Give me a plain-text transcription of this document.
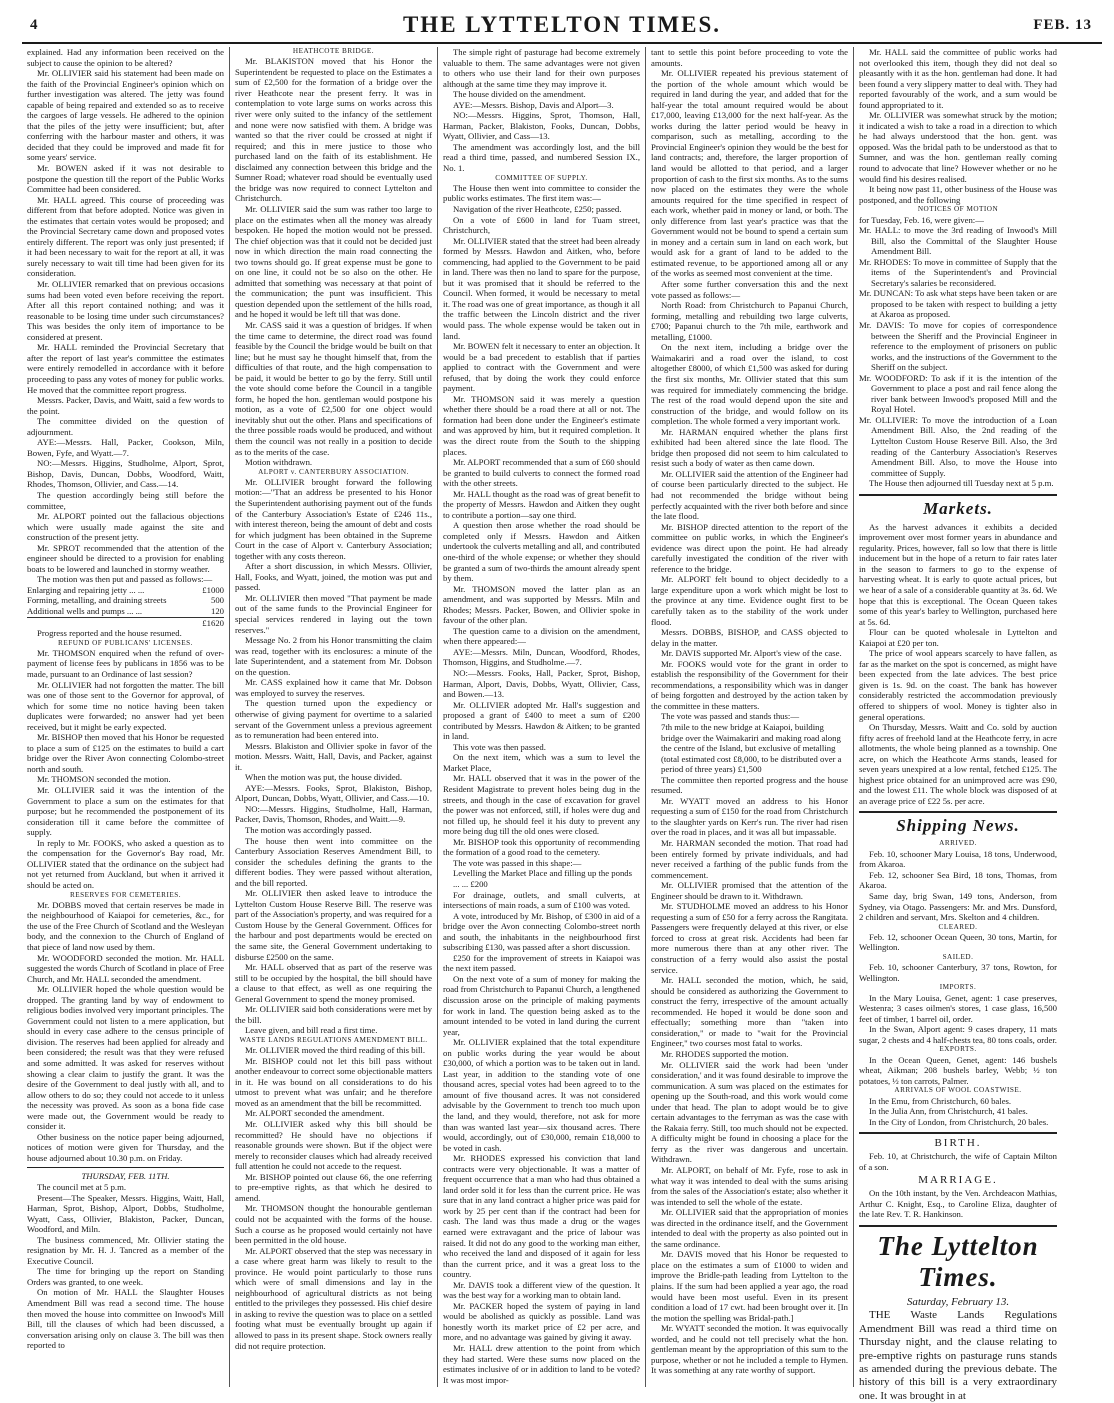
4	THE LYTTELTON TIMES.	FEB. 13

explained. Had any information been received on the subject to cause the opinion to be altered?

Mr. OLLIVIER said his statement had been made on the faith of the Provincial Engineer's opinion which on further investigation was altered. The jetty was found capable of being repaired and extended so as to receive the cargoes of large vessels. He adhered to the opinion that the piles of the jetty were insufficient; but, after conferring with the harbour master and others, it was decided that they could be improved and made fit for some years' service.

Mr. BOWEN asked if it was not desirable to postpone the question till the report of the Public Works Committee had been considered.

Mr. HALL agreed. This course of proceeding was different from that before adopted. Notice was given in the estimates that certain votes would be proposed; and the Provincial Secretary came down and proposed votes entirely different. The report was only just presented; if it had been necessary to wait for the report at all, it was surely necessary to wait till time had been given for its consideration.

Mr. OLLIVIER remarked that on previous occasions sums had been voted even before receiving the report. After all this report contained nothing; and was it reasonable to be losing time under such circumstances? This was besides the only item of importance to be considered at present.

Mr. HALL reminded the Provincial Secretary that after the report of last year's committee the estimates were entirely remodelled in accordance with it before proceeding to pass any votes of money for public works. He moved that the committee report progress.

Messrs. Packer, Davis, and Waitt, said a few words to the point.

The committee divided on the question of adjournment.

AYE:—Messrs. Hall, Packer, Cookson, Miln, Bowen, Fyfe, and Wyatt.—7.

NO:—Messrs. Higgins, Studholme, Alport, Sprot, Bishop, Davis, Duncan, Dobbs, Woodford, Waitt, Rhodes, Thomson, Ollivier, and Cass.—14.

The question accordingly being still before the committee,

Mr. ALPORT pointed out the fallacious objections which were usually made against the site and construction of the present jetty.

Mr. SPROT recommended that the attention of the engineer should be directed to a provision for enabling boats to be lowered and launched in stormy weather.

The motion was then put and passed as follows:—

Enlarging and repairing jetty ... ...	£1000
Forming, metalling, and draining streets	500
Additional wells and pumps ... ...	120
	£1620

Progress reported and the house resumed.

REFUND OF PUBLICANS' LICENSES.

Mr. THOMSON enquired when the refund of over-payment of license fees by publicans in 1856 was to be made, pursuant to an Ordinance of last session?

Mr. OLLIVIER had not forgotten the matter. The bill was one of those sent to the Governor for approval, of which for some time no notice having been taken duplicates were forwarded; no answer had yet been received, but it might be early expected.

Mr. BISHOP then moved that his Honor be requested to place a sum of £125 on the estimates to build a cart bridge over the River Avon connecting Colombo-street north and south.

Mr. THOMSON seconded the motion.

Mr. OLLIVIER said it was the intention of the Government to place a sum on the estimates for that purpose; but he recommended the postponement of its consideration till it came before the committee of supply.

In reply to Mr. FOOKS, who asked a question as to the compensation for the Governor's Bay road, Mr. OLLIVIER stated that the ordinance on the subject had not yet returned from Auckland, but when it arrived it should be acted on.

RESERVES FOR CEMETERIES.

Mr. DOBBS moved that certain reserves be made in the neighbourhood of Kaiapoi for cemeteries, &c., for the use of the Free Church of Scotland and the Wesleyan body, and the connexion to the Church of England of that piece of land now used by them.

Mr. WOODFORD seconded the motion. Mr. HALL suggested the words Church of Scotland in place of Free Church, and Mr. HALL seconded the amendment.

Mr. OLLIVIER hoped the whole question would be dropped. The granting land by way of endowment to religious bodies involved very important principles. The Government could not listen to a mere application, but should in every case adhere to the census principle of division. The reserves had been applied for already and been considered; the result was that they were refused and some admitted. It was asked for reserves without showing a clear claim to justify the grant. It was the desire of the Government to deal justly with all, and to allow others to do so; they could not accede to it unless the necessity was proved. As soon as a bona fide case were made out, the Government would be ready to consider it.

Other business on the notice paper being adjourned, notices of motion were given for Thursday, and the house adjourned about 10.30 p.m. on Friday.

THURSDAY, FEB. 11TH.

The council met at 5 p.m.

Present—The Speaker, Messrs. Higgins, Waitt, Hall, Harman, Sprot, Bishop, Alport, Dobbs, Studholme, Wyatt, Cass, Ollivier, Blakiston, Packer, Duncan, Woodford, and Miln.

The business commenced, Mr. Ollivier stating the resignation by Mr. H. J. Tancred as a member of the Executive Council.

The time for bringing up the report on Standing Orders was granted, to one week.

On motion of Mr. HALL the Slaughter Houses Amendment Bill was read a second time. The house then moved the house into committee on Inwood's Mill Bill, till the clauses of which had been discussed, a conversation arising only on clause 3. The bill was then reported to

HEATHCOTE BRIDGE.

Mr. BLAKISTON moved that his Honor the Superintendent be requested to place on the Estimates a sum of £2,500 for the formation of a bridge over the river Heathcote near the present ferry. It was in contemplation to vote large sums on works across this river were only suited to the infancy of the settlement and none were now satisfied with them. A bridge was wanted so that the river could be crossed at night if required; and this in mere justice to those who purchased land on the faith of its establishment. He disclaimed any connection between this bridge and the Sumner Road; whatever road should be eventually used the bridge was now required to connect Lyttelton and Christchurch.

Mr. OLLIVIER said the sum was rather too large to place on the estimates when all the money was already bespoken. He hoped the motion would not be pressed. The chief objection was that it could not be decided just now in which direction the main road connecting the two towns should go. If great expense must be gone to on one line, it could not be so also on the other. He admitted that something was necessary at that point of the communication; the punt was insufficient. This question depended upon the settlement of the hills road, and he hoped it would be left till that was done.

Mr. CASS said it was a question of bridges. If when the time came to determine, the direct road was found feasible by the Council the bridge would be built on that line; but he must say he thought himself that, from the difficulties of that route, and the high compensation to be paid, it would be better to go by the ferry. Still until the vote should come before the Council in a tangible form, he hoped the hon. gentleman would postpone his motion, as a vote of £2,500 for one object would inevitably shut out the other. Plans and specifications of the three possible roads would be produced, and without them the council was not really in a position to decide as to the merits of the case.

Motion withdrawn.

ALPORT v. CANTERBURY ASSOCIATION.

Mr. OLLIVIER brought forward the following motion:—"That an address be presented to his Honor the Superintendent authorising payment out of the funds of the Canterbury Association's Estate of £246 11s., with interest thereon, being the amount of debt and costs for which judgment has been obtained in the Supreme Court in the case of Alport v. Canterbury Association; together with any costs thereon.

After a short discussion, in which Messrs. Ollivier, Hall, Fooks, and Wyatt, joined, the motion was put and passed.

Mr. OLLIVIER then moved "That payment be made out of the same funds to the Provincial Engineer for special services rendered in laying out the town reserves."

Message No. 2 from his Honor transmitting the claim was read, together with its enclosures: a minute of the late Superintendent, and a statement from Mr. Dobson on the question.

Mr. CASS explained how it came that Mr. Dobson was employed to survey the reserves.

The question turned upon the expediency or otherwise of giving payment for overtime to a salaried servant of the Government unless a previous agreement as to remuneration had been entered into.

Messrs. Blakiston and Ollivier spoke in favor of the motion. Messrs. Waitt, Hall, Davis, and Packer, against it.

When the motion was put, the house divided.

AYE:—Messrs. Fooks, Sprot, Blakiston, Bishop, Alport, Duncan, Dobbs, Wyatt, Ollivier, and Cass.—10.

NO:—Messrs. Higgins, Studholme, Hall, Harman, Packer, Davis, Thomson, Rhodes, and Waitt.—9.

The motion was accordingly passed.

The house then went into committee on the Canterbury Association Reserves Amendment Bill, to consider the schedules defining the grants to the different bodies. They were passed without alteration, and the bill reported.

Mr. OLLIVIER then asked leave to introduce the Lyttelton Custom House Reserve Bill. The reserve was part of the Association's property, and was required for a Custom House by the General Government. Offices for the harbour and post departments would be erected on the same site, the General Government undertaking to disburse £2500 on the same.

Mr. HALL observed that as part of the reserve was still to be occupied by the hospital, the bill should have a clause to that effect, as well as one requiring the General Government to spend the money promised.

Mr. OLLIVIER said both considerations were met by the bill.

Leave given, and bill read a first time.

WASTE LANDS REGULATIONS AMENDMENT BILL.

Mr. OLLIVIER moved the third reading of this bill.

Mr. BISHOP could not let this bill pass without another endeavour to correct some objectionable matters in it. He was bound on all considerations to do his utmost to prevent what was unfair; and he therefore moved as an amendment that the bill be recommitted.

Mr. ALPORT seconded the amendment.

Mr. OLLIVIER asked why this bill should be recommitted? He should have no objections if reasonable grounds were shown. But if the object were merely to reconsider clauses which had already received full attention he could not accede to the request.

Mr. BISHOP pointed out clause 66, the one referring to pre-emptive rights, as that which he desired to amend.

Mr. THOMSON thought the honourable gentleman could not be acquainted with the forms of the house. Such a course as he proposed would certainly not have been permitted in the old house.

Mr. ALPORT observed that the step was necessary in a case where great harm was likely to result to the province. He would point particularly to those runs which were of small dimensions and lay in the neighbourhood of agricultural districts as not being entitled to the privileges they possessed. His chief desire in asking to revive the question was to place on a settled footing what must be eventually brought up again if allowed to pass in its present shape. Stock owners really did not require protection.

The simple right of pasturage had become extremely valuable to them. The same advantages were not given to others who use their land for their own purposes although at the same time they may improve it.

The house divided on the amendment.

AYE:—Messrs. Bishop, Davis and Alport—3.

NO:—Messrs. Higgins, Sprot, Thomson, Hall, Harman, Packer, Blakiston, Fooks, Duncan, Dobbs, Wyatt, Ollivier, and Cass—13.

The amendment was accordingly lost, and the bill read a third time, passed, and numbered Session IX., No. 1.

COMMITTEE OF SUPPLY.

The House then went into committee to consider the public works estimates. The first item was:—

Navigation of the river Heathcote, £250; passed.

On a vote of £600 in land for Tuam street, Christchurch,

Mr. OLLIVIER stated that the street had been already formed by Messrs. Hawdon and Aitken, who, before commencing, had applied to the Government to be paid in land. There was then no land to spare for the purpose, but it was promised that it should be referred to the Council. When formed, it would be necessary to metal it. The road was one of great importance, as though it all the traffic between the Lincoln district and the river would pass. The whole expense would be taken out in land.

Mr. BOWEN felt it necessary to enter an objection. It would be a bad precedent to establish that if parties applied to contract with the Government and were refused, that by doing the work they could enforce payment.

Mr. THOMSON said it was merely a question whether there should be a road there at all or not. The formation had been done under the Engineer's estimate and was approved by him, but it required completion. It was the direct route from the South to the shipping places.

Mr. ALPORT recommended that a sum of £60 should be granted to build culverts to connect the formed road with the other streets.

Mr. HALL thought as the road was of great benefit to the property of Messrs. Hawdon and Aitken they ought to contribute a portion—say one third.

A question then arose whether the road should be completed only if Messrs. Hawdon and Aitken undertook the culverts metalling and all, and contributed one-third of the whole expense; or whether they should be granted a sum of two-thirds the amount already spent by them.

Mr. THOMSON moved the latter plan as an amendment, and was supported by Messrs. Miln and Rhodes; Messrs. Packer, Bowen, and Ollivier spoke in favour of the other plan.

The question came to a division on the amendment, when there appeared:—

AYE:—Messrs. Miln, Duncan, Woodford, Rhodes, Thomson, Higgins, and Studholme.—7.

NO:—Messrs. Fooks, Hall, Packer, Sprot, Bishop, Harman, Alport, Davis, Dobbs, Wyatt, Ollivier, Cass, and Bowen.—13.

Mr. OLLIVIER adopted Mr. Hall's suggestion and proposed a grant of £400 to meet a sum of £200 contributed by Messrs. Hawdon & Aitken; to be granted in land.

This vote was then passed.

On the next item, which was a sum to level the Market Place,

Mr. HALL observed that it was in the power of the Resident Magistrate to prevent holes being dug in the streets, and though in the case of excavation for gravel the power was not enforced, still, if holes were dug and not filled up, he should feel it his duty to prevent any more being dug till the old ones were closed.

Mr. BISHOP took this opportunity of recommending the formation of a good road to the cemetery.

The vote was passed in this shape:—

Levelling the Market Place and filling up the ponds ... ... £200

For drainage, outlets, and small culverts, at intersections of main roads, a sum of £100 was voted.

A vote, introduced by Mr. Bishop, of £300 in aid of a bridge over the Avon connecting Colombo-street north and south, the inhabitants in the neighbourhood first subscribing £130, was passed after a short discussion.

£250 for the improvement of streets in Kaiapoi was the next item passed.

On the next vote of a sum of money for making the road from Christchurch to Papanui Church, a lengthened discussion arose on the principle of making payments for work in land. The question being asked as to the amount intended to be voted in land during the current year,

Mr. OLLIVIER explained that the total expenditure on public works during the year would be about £30,000, of which a portion was to be taken out in land. Last year, in addition to the standing vote of one thousand acres, special votes had been agreed to to the amount of five thousand acres. It was not considered advisable by the Government to trench too much upon the land, and they would, therefore, not ask for more than was wanted last year—six thousand acres. There would, accordingly, out of £30,000, remain £18,000 to be voted in cash.

Mr. RHODES expressed his conviction that land contracts were very objectionable. It was a matter of frequent occurrence that a man who had thus obtained a land order sold it for less than the current price. He was sure that in any land contract a higher price was paid for work by 25 per cent than if the contract had been for cash. The land was thus made a drug or the wages earned were extravagant and the price of labour was raised. It did not do any good to the working man either, who received the land and disposed of it again for less than the current price, and it was a great loss to the country.

Mr. DAVIS took a different view of the question. It was the best way for a working man to obtain land.

Mr. PACKER hoped the system of paying in land would be abolished as quickly as possible. Land was honestly worth its market price of £2 per acre, and more, and no advantage was gained by giving it away.

Mr. HALL drew attention to the point from which they had started. Were these sums now placed on the estimates inclusive of or in addition to land to be voted? It was most impor-

tant to settle this point before proceeding to vote the amounts.

Mr. OLLIVIER repeated his previous statement of the portion of the whole amount which would be required in land during the year, and added that for the half-year the total amount required would be about £17,000, leaving £13,000 for the next half-year. As the works during the latter period would be heavy in comparison, such as metalling, according to the Provincial Engineer's opinion they would be the best for land contracts; and, therefore, the larger proportion of land would be allotted to that period, and a larger proportion of cash to the first six months. As to the sums now placed on the estimates they were the whole amounts required for the time specified in respect of each work, whether paid in money or land, or both. The only difference from last year's practice was that the Government would not be bound to spend a certain sum in money and a certain sum in land on each work, but would ask for a grant of land to be added to the estimated revenue, to be apportioned among all or any of the works as seemed most convenient at the time.

After some further conversation this and the next vote passed as follows:—

North Road: from Christchurch to Papanui Church, forming, metalling and rebuilding two large culverts, £700; Papanui church to the 7th mile, earthwork and metalling, £1000.

On the next item, including a bridge over the Waimakariri and a road over the island, to cost altogether £8000, of which £1,500 was asked for during the first six months, Mr. Ollivier stated that this sum was required for immediately commencing the bridge. The rest of the road would depend upon the site and construction of the bridge, and would follow on its completion. The whole formed a very important work.

Mr. HARMAN enquired whether the plans first exhibited had been altered since the late flood. The bridge then proposed did not seem to him calculated to resist such a body of water as then came down.

Mr. OLLIVIER said the attention of the Engineer had of course been particularly directed to the subject. He had not recommended the bridge without being perfectly acquainted with the river both before and since the late flood.

Mr. BISHOP directed attention to the report of the committee on public works, in which the Engineer's evidence was direct upon the point. He had already carefully investigated the condition of the river with reference to the bridge.

Mr. ALPORT felt bound to object decidedly to a large expenditure upon a work which might be lost to the province at any time. Evidence ought first to be carefully taken as to the stability of the work under flood.

Messrs. DOBBS, BISHOP, and CASS objected to delay in the matter.

Mr. DAVIS supported Mr. Alport's view of the case.

Mr. FOOKS would vote for the grant in order to establish the responsibility of the Government for their recommendations, a responsibility which was in danger of being forgotten and destroyed by the action taken by the committee in these matters.

The vote was passed and stands thus:—

7th mile to the new bridge at Kaiapoi, building bridge over the Waimakariri and making road along the centre of the Island, but exclusive of metalling (total estimated cost £8,000, to be distributed over a period of three years) £1,500

The committee then reported progress and the house resumed.

Mr. WYATT moved an address to his Honor requesting a sum of £150 for the road from Christchurch to the slaughter yards on Kerr's run. The river had risen over the road in places, and it was all but impassable.

Mr. HARMAN seconded the motion. That road had been entirely formed by private individuals, and had never received a farthing of the public funds from the commencement.

Mr. OLLIVIER promised that the attention of the Engineer should be drawn to it. Withdrawn.

Mr. STUDHOLME moved an address to his Honor requesting a sum of £50 for a ferry across the Rangitata. Passengers were frequently delayed at this river, or else forced to cross at great risk. Accidents had been far more numerous there than at any other river. The construction of a ferry would also assist the postal service.

Mr. HALL seconded the motion, which, he said, should be considered as authorizing the Government to construct the ferry, irrespective of the amount actually recommended. He hoped it would be done soon and effectually; something more than "taken into consideration," or made to "wait for the Provincial Engineer," two courses most fatal to works.

Mr. RHODES supported the motion.

Mr. OLLIVIER said the work had been 'under consideration,' and it was found desirable to improve the communication. A sum was placed on the estimates for opening up the South-road, and this work would come under that head. The plan to adopt would be to give certain advantages to the ferryman as was the case with the Rakaia ferry. Still, too much should not be expected. A difficulty might be found in choosing a place for the ferry as the river was dangerous and uncertain. Withdrawn.

Mr. ALPORT, on behalf of Mr. Fyfe, rose to ask in what way it was intended to deal with the sums arising from the sales of the Association's estate; also whether it was intended to sell the whole of the estate.

Mr. OLLIVIER said that the appropriation of monies was directed in the ordinance itself, and the Government intended to deal with the property as also pointed out in the same ordinance.

Mr. DAVIS moved that his Honor be requested to place on the estimates a sum of £1000 to widen and improve the Bridle-path leading from Lyttelton to the plains. If the sum had been applied a year ago, the road would have been most useful. Even in its present condition a load of 17 cwt. had been brought over it. [In the motion the spelling was Bridal-path.]

Mr. WYATT seconded the motion. It was equivocally worded, and he could not tell precisely what the hon. gentleman meant by the appropriation of this sum to the purpose, whether or not he included a temple to Hymen. It was something at any rate worthy of support.

Mr. HALL said the committee of public works had not overlooked this item, though they did not deal so pleasantly with it as the hon. gentleman had done. It had been found a very slippery matter to deal with. They had reported favourably of the work, and a sum would be found appropriated to it.

Mr. OLLIVIER was somewhat struck by the motion; it indicated a wish to take a road in a direction to which he had always understood that the hon. gent. was opposed. Was the bridal path to be understood as that to Sumner, and was the hon. gentleman really coming round to advocate that line? However whether or no he would find his desires realised.

It being now past 11, other business of the House was postponed, and the following

NOTICES OF MOTION

for Tuesday, Feb. 16, were given:—

Mr. HALL: to move the 3rd reading of Inwood's Mill Bill, also the Committal of the Slaughter House Amendment Bill.

Mr. RHODES: To move in committee of Supply that the items of the Superintendent's and Provincial Secretary's salaries be reconsidered.

Mr. DUNCAN: To ask what steps have been taken or are proposed to be taken with respect to building a jetty at Akaroa as proposed.

Mr. DAVIS: To move for copies of correspondence between the Sheriff and the Provincial Engineer in reference to the employment of prisoners on public works, and the instructions of the Government to the Sheriff on the subject.

Mr. WOODFORD: To ask if it is the intention of the Government to place a post and rail fence along the river bank between Inwood's proposed Mill and the Royal Hotel.

Mr. OLLIVIER: To move the introduction of a Loan Amendment Bill. Also, the 2nd reading of the Lyttelton Custom House Reserve Bill. Also, the 3rd reading of the Canterbury Association's Reserves Amendment Bill. Also, to move the House into committee of Supply.

The House then adjourned till Tuesday next at 5 p.m.

Markets.

As the harvest advances it exhibits a decided improvement over most former years in abundance and regularity. Prices, however, fall so low that there is little inducement but in the hope of a return to fair rates later in the season to farmers to go to the expense of harvesting wheat. It is early to quote actual prices, but we hear of a sale of a considerable quantity at 3s. 6d. We hope that this is exceptional. The Ocean Queen takes some of this year's barley to Wellington, purchased here at 5s. 6d.

Flour can be quoted wholesale in Lyttelton and Kaiapoi at £20 per ton.

The price of wool appears scarcely to have fallen, as far as the market on the spot is concerned, as might have been expected from the late advices. The best price given is 1s. 9d. on the coast. The bank has however considerably restricted the accommodation previously offered to shippers of wool. Money is tighter also in general operations.

On Thursday, Messrs. Waitt and Co. sold by auction fifty acres of freehold land at the Heathcote ferry, in acre allotments, the whole being planned as a township. One acre, on which the Heathcote Arms stands, leased for seven years unexpired at a low rental, fetched £125. The highest price obtained for an unimproved acre was £90, and the lowest £11. The whole block was disposed of at an average price of £22 5s. per acre.

Shipping News.

ARRIVED.

Feb. 10, schooner Mary Louisa, 18 tons, Underwood, from Akaroa.

Feb. 12, schooner Sea Bird, 18 tons, Thomas, from Akaroa.

Same day, brig Swan, 149 tons, Anderson, from Sydney, via Otago. Passengers: Mr. and Mrs. Dunsford, 2 children and servant, Mrs. Skelton and 4 children.

CLEARED.

Feb. 12, schooner Ocean Queen, 30 tons, Martin, for Wellington.

SAILED.

Feb. 10, schooner Canterbury, 37 tons, Rowton, for Wellington.

IMPORTS.

In the Mary Louisa, Genet, agent: 1 case preserves, Westenra; 3 cases oilmen's stores, 1 case glass, 16,500 feet of timber, 1 barrel oil, order.

In the Swan, Alport agent: 9 cases drapery, 11 mats sugar, 2 chests and 4 half-chests tea, 80 tons coals, order.

EXPORTS.

In the Ocean Queen, Genet, agent: 146 bushels wheat, Aikman; 208 bushels barley, Webb; ½ ton potatoes, ½ ton carrots, Palmer.

ARRIVALS OF WOOL COASTWISE.

In the Emu, from Christchurch, 60 bales.

In the Julia Ann, from Christchurch, 41 bales.

In the City of London, from Christchurch, 20 bales.

BIRTH.

Feb. 10, at Christchurch, the wife of Captain Milton of a son.

MARRIAGE.

On the 10th instant, by the Ven. Archdeacon Mathias, Arthur C. Knight, Esq., to Caroline Eliza, daughter of the late Rev. T. R. Hankinson.

The Lyttelton Times.

Saturday, February 13.

THE Waste Lands Regulations Amendment Bill was read a third time on Thursday night, and the clause relating to pre-emptive rights on pasturage runs stands as amended during the previous debate. The history of this bill is a very extraordinary one. It was brought in at
